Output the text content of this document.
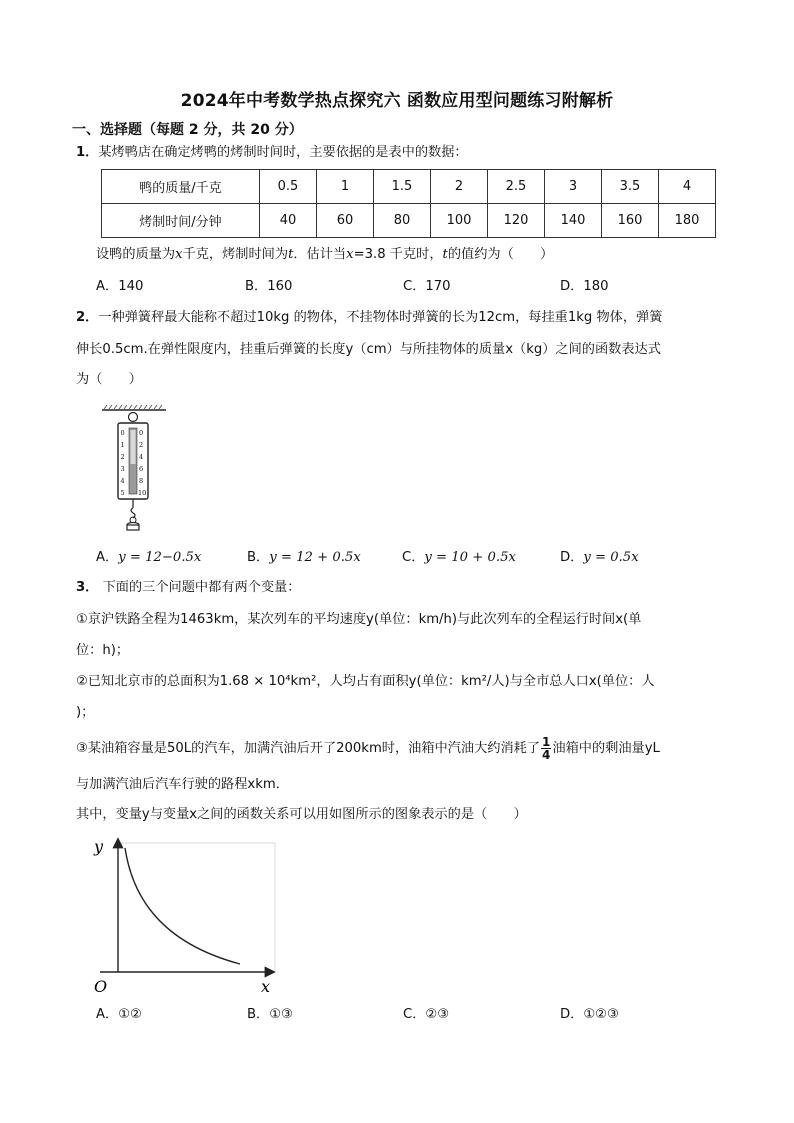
2024年中考数学热点探究六 函数应用型问题练习附解析
一、选择题（每题 2 分，共 20 分）
1．某烤鸭店在确定烤鸭的烤制时间时，主要依据的是表中的数据：
鸭的质量/千克	0.5	1	1.5	2	2.5	3	3.5	4
烤制时间/分钟	40	60	80	100	120	140	160	180
设鸭的质量为x千克，烤制时间为t．估计当x=3.8 千克时，t的值约为（　　）
A．140	B．160	C．170	D．180
2．一种弹簧秤最大能称不超过10kg 的物体，不挂物体时弹簧的长为12cm，每挂重1kg 物体，弹簧
伸长0.5cm.在弹性限度内，挂重后弹簧的长度y（cm）与所挂物体的质量x（kg）之间的函数表达式
为（　　）
0
1
2
3
4
5
0
2
4
6
8
10
A．y = 12−0.5x	B．y = 12 + 0.5x	C．y = 10 + 0.5x	D．y = 0.5x
3． 下面的三个问题中都有两个变量：
①京沪铁路全程为1463km，某次列车的平均速度y(单位：km/h)与此次列车的全程运行时间x(单
位：h)；
②已知北京市的总面积为1.68 × 10⁴km²，人均占有面积y(单位：km²/人)与全市总人口x(单位：人
)；
③某油箱容量是50L的汽车，加满汽油后开了200km时，油箱中汽油大约消耗了 $\frac{1}{4}$ 油箱中的剩油量yL
与加满汽油后汽车行驶的路程xkm．
其中，变量y与变量x之间的函数关系可以用如图所示的图象表示的是（　　）
y
x
O
A．①②	B．①③	C．②③	D．①②③
